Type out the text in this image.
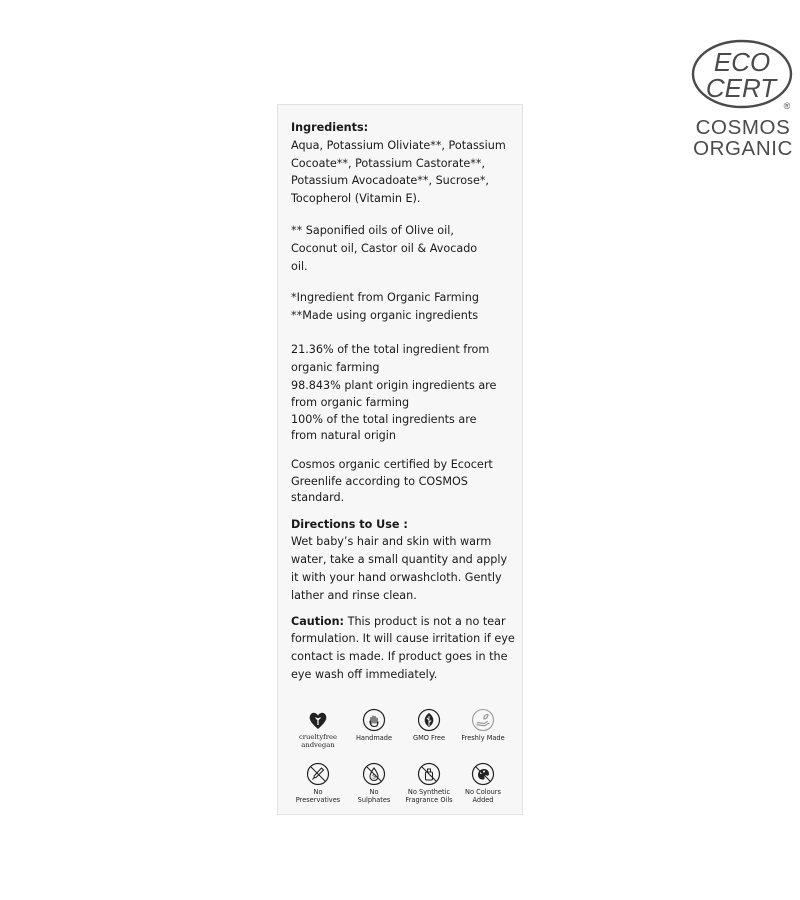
ECO
CERT
®
COSMOS
ORGANIC

Ingredients:

Aqua, Potassium Oliviate**, Potassium Cocoate**, Potassium Castorate**, Potassium Avocadoate**, Sucrose*, Tocopherol (Vitamin E).

** Saponified oils of Olive oil, Coconut oil, Castor oil & Avocado oil.

*Ingredient from Organic Farming

**Made using organic ingredients

21.36% of the total ingredient from organic farming

98.843% plant origin ingredients are from organic farming

100% of the total ingredients are from natural origin

Cosmos organic certified by Ecocert Greenlife according to COSMOS standard.

Directions to Use :

Wet baby’s hair and skin with warm water, take a small quantity and apply it with your hand orwashcloth. Gently lather and rinse clean.

Caution: This product is not a no tear formulation. It will cause irritation if eye contact is made. If product goes in the eye wash off immediately.

crueltyfree
andvegan
Handmade	GMO Free	Freshly Made
No
Preservatives
S
No
Sulphates
No Synthetic
Fragrance Oils
No Colours
Added
